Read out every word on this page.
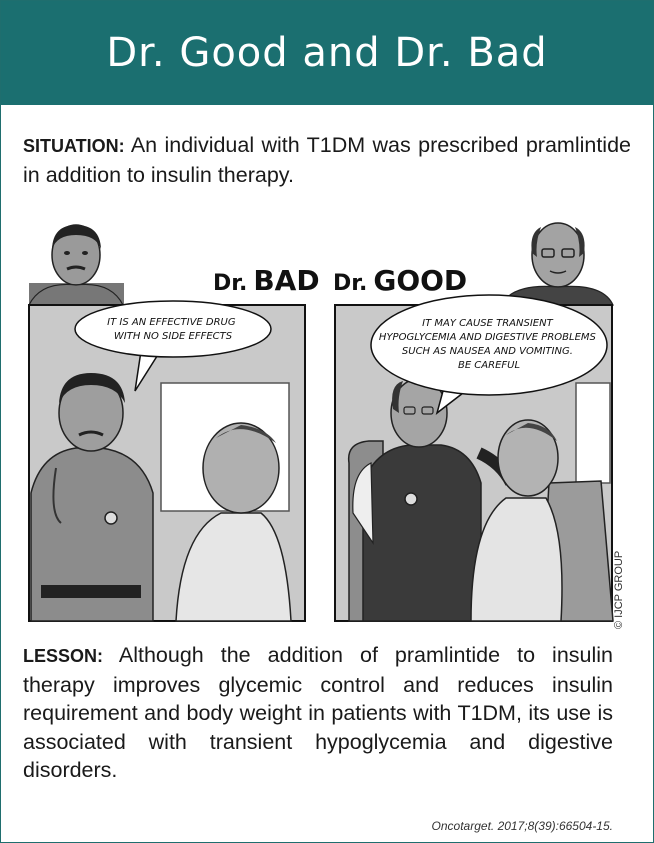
Dr. Good and Dr. Bad
SITUATION: An individual with T1DM was prescribed pramlintide in addition to insulin therapy.
Dr. BAD Dr. GOOD
IT IS AN EFFECTIVE DRUG WITH NO SIDE EFFECTS
IT MAY CAUSE TRANSIENT HYPOGLYCEMIA AND DIGESTIVE PROBLEMS SUCH AS NAUSEA AND VOMITING. BE CAREFUL
© IJCP GROUP
LESSON: Although the addition of pramlintide to insulin therapy improves glycemic control and reduces insulin requirement and body weight in patients with T1DM, its use is associated with transient hypoglycemia and digestive disorders.
Oncotarget. 2017;8(39):66504-15.
